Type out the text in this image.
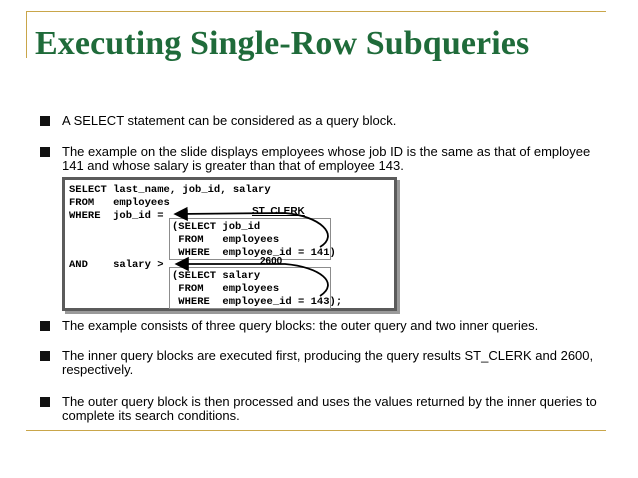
Executing Single-Row Subqueries
A SELECT statement can be considered as a query block.
The example on the slide displays employees whose job ID is the same as that of employee 141 and whose salary is greater than that of employee 143.
SELECT last_name, job_id, salary
FROM   employees
WHERE  job_id =
(SELECT job_id
FROM   employees
WHERE  employee_id = 141)
AND    salary >
(SELECT salary
FROM   employees
WHERE  employee_id = 143);
ST_CLERK
2600
The example consists of three query blocks: the outer query and two inner queries.
The inner query blocks are executed first, producing the query results ST_CLERK and 2600, respectively.
The outer query block is then processed and uses the values returned by the inner queries to complete its search conditions.
